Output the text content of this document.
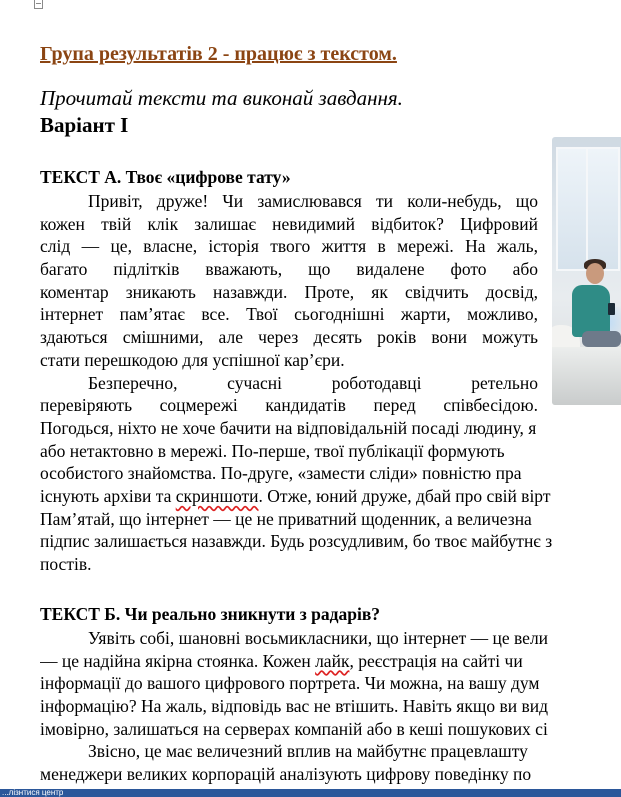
Група результатів 2 - працює з текстом.

Прочитай тексти та виконай завдання.

Варіант І

ТЕКСТ А. Твоє «цифрове тату»

Привіт, друже! Чи замислювався ти коли-небудь, що
кожен твій клік залишає невидимий відбиток? Цифровий
слід — це, власне, історія твого життя в мережі. На жаль,
багато підлітків вважають, що видалене фото або
коментар зникають назавжди. Проте, як свідчить досвід,
інтернет пам’ятає все. Твої сьогоднішні жарти, можливо,
здаються смішними, але через десять років вони можуть
стати перешкодою для успішної кар’єри.
Безперечно, сучасні роботодавці ретельно
перевіряють соцмережі кандидатів перед співбесідою.
Погодься, ніхто не хоче бачити на відповідальній посаді людину, я
або нетактовно в мережі. По-перше, твої публікації формують
особистого знайомства. По-друге, «замести сліди» повністю пра
існують архіви та скриншоти. Отже, юний друже, дбай про свій вірт
Пам’ятай, що інтернет — це не приватний щоденник, а величезна
підпис залишається назавжди. Будь розсудливим, бо твоє майбутнє з
постів.

ТЕКСТ Б. Чи реально зникнути з радарів?

Уявіть собі, шановні восьмикласники, що інтернет — це вели
— це надійна якірна стоянка. Кожен лайк, реєстрація на сайті чи
інформації до вашого цифрового портрета. Чи можна, на вашу дум
інформацію? На жаль, відповідь вас не втішить. Навіть якщо ви вид
імовірно, залишаться на серверах компаній або в кеші пошукових сі
Звісно, це має величезний вплив на майбутнє працевлашту
менеджери великих корпорацій аналізують цифрову поведінку по
...лізнтися центр
